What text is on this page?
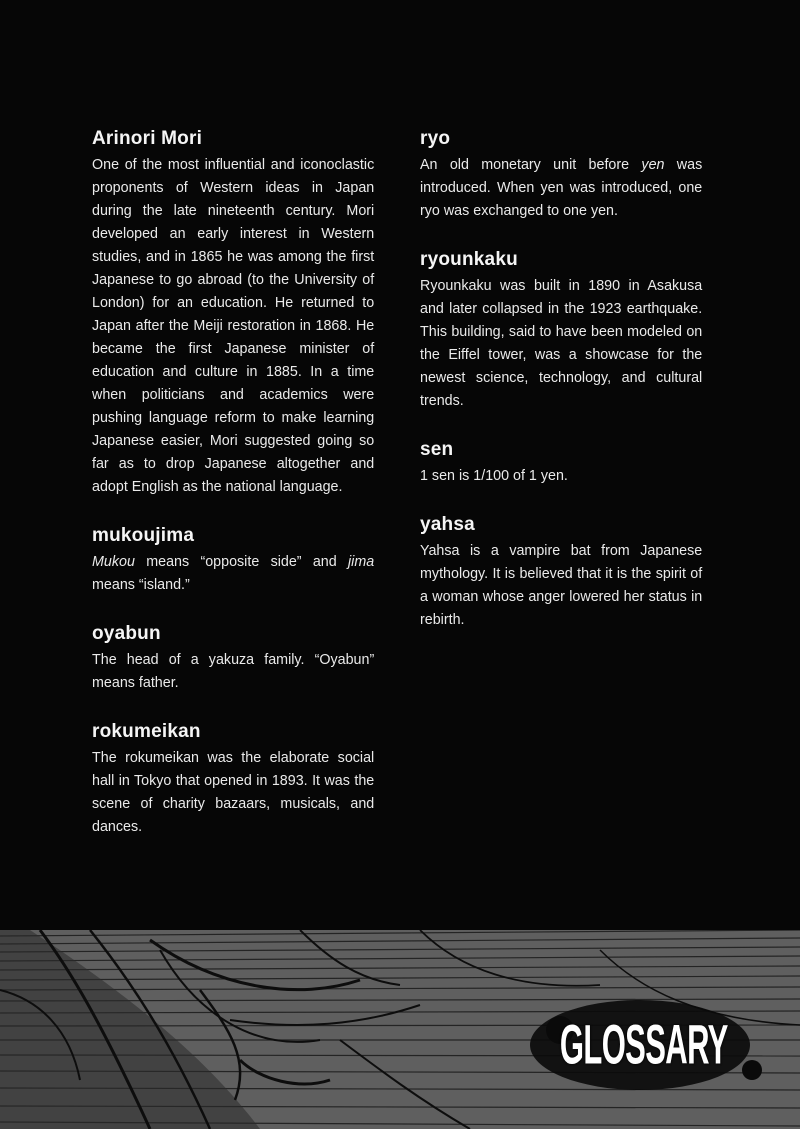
Arinori Mori

One of the most influential and iconoclastic proponents of Western ideas in Japan during the late nineteenth century. Mori developed an early interest in Western studies, and in 1865 he was among the first Japanese to go abroad (to the University of London) for an education. He returned to Japan after the Meiji restoration in 1868. He became the first Japanese minister of education and culture in 1885. In a time when politicians and academics were pushing language reform to make learning Japanese easier, Mori suggested going so far as to drop Japanese altogether and adopt English as the national language.

mukoujima

Mukou means “opposite side” and jima means “island.”

oyabun

The head of a yakuza family. “Oyabun” means father.

rokumeikan

The rokumeikan was the elaborate social hall in Tokyo that opened in 1893. It was the scene of charity bazaars, musicals, and dances.

ryo

An old monetary unit before yen was introduced. When yen was introduced, one ryo was exchanged to one yen.

ryounkaku

Ryounkaku was built in 1890 in Asakusa and later collapsed in the 1923 earthquake. This building, said to have been modeled on the Eiffel tower, was a showcase for the newest science, technology, and cultural trends.

sen

1 sen is 1/100 of 1 yen.

yahsa

Yahsa is a vampire bat from Japanese mythology. It is believed that it is the spirit of a woman whose anger lowered her status in rebirth.

GLOSSARY
